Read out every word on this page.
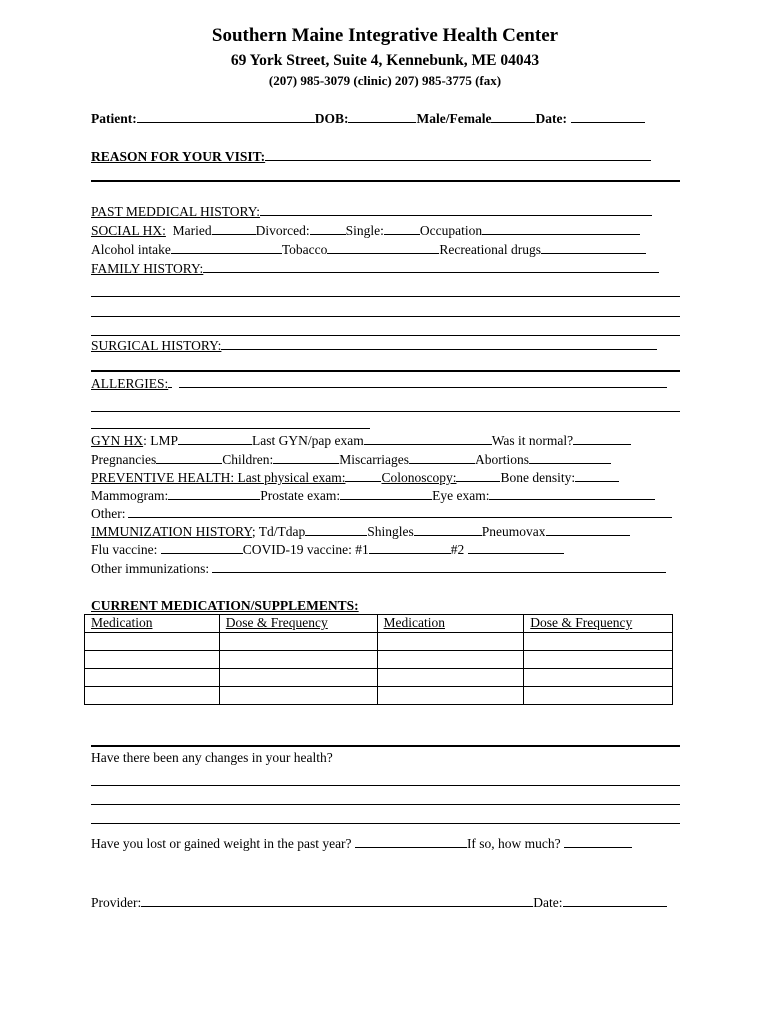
Southern Maine Integrative Health Center
69 York Street, Suite 4, Kennebunk, ME 04043
(207) 985-3079 (clinic) 207) 985-3775 (fax)
Patient:	DOB:	Male/Female	Date:
REASON FOR YOUR VISIT:
PAST MEDDICAL HISTORY:
SOCIAL HX: Maried	Divorced:	Single:	Occupation
Alcohol intake	Tobacco	Recreational drugs
FAMILY HISTORY:
SURGICAL HISTORY:
ALLERGIES:
GYN HX: LMP	Last GYN/pap exam	Was it normal?
Pregnancies	Children:	Miscarriages	Abortions
PREVENTIVE HEALTH: Last physical exam:	Colonoscopy:	Bone density:
Mammogram:	Prostate exam:	Eye exam:
Other:
IMMUNIZATION HISTORY; Td/Tdap	Shingles	Pneumovax
Flu vaccine:	COVID-19 vaccine: #1	#2
Other immunizations:
CURRENT MEDICATION/SUPPLEMENTS:
Medication	Dose & Frequency	Medication	Dose & Frequency

Have there been any changes in your health?
Have you lost or gained weight in the past year?	If so, how much?
Provider:	Date:
